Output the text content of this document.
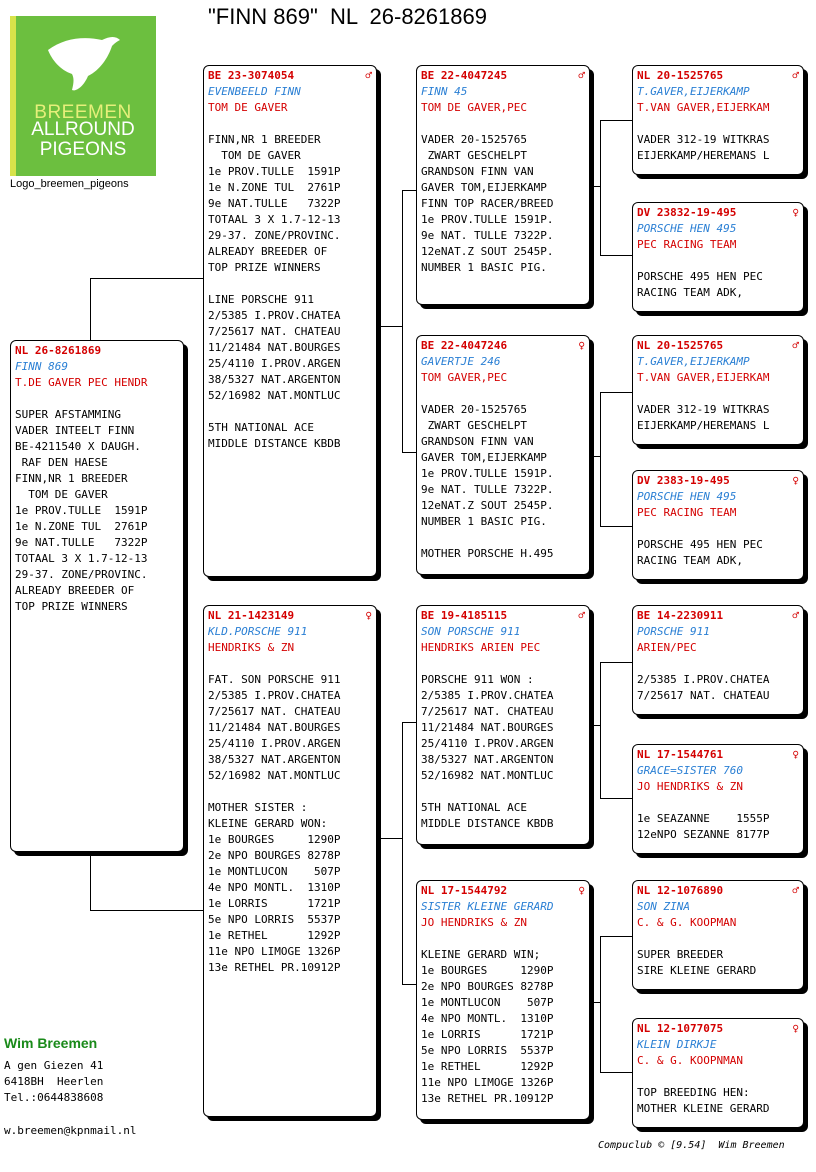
"FINN 869"  NL  26-8261869
BREEMEN
ALLROUND
PIGEONS
Logo_breemen_pigeons
NL 26-8261869
FINN 869
T.DE GAVER PEC HENDR
SUPER AFSTAMMING
VADER INTEELT FINN
BE-4211540 X DAUGH.
RAF DEN HAESE
FINN,NR 1 BREEDER
TOM DE GAVER
1e PROV.TULLE  1591P
1e N.ZONE TUL  2761P
9e NAT.TULLE   7322P
TOTAAL 3 X 1.7-12-13
29-37. ZONE/PROVINC.
ALREADY BREEDER OF
TOP PRIZE WINNERS
BE 23-3074054	♂
EVENBEELD FINN
TOM DE GAVER
FINN,NR 1 BREEDER
TOM DE GAVER
1e PROV.TULLE  1591P
1e N.ZONE TUL  2761P
9e NAT.TULLE   7322P
TOTAAL 3 X 1.7-12-13
29-37. ZONE/PROVINC.
ALREADY BREEDER OF
TOP PRIZE WINNERS

LINE PORSCHE 911
2/5385 I.PROV.CHATEA
7/25617 NAT. CHATEAU
11/21484 NAT.BOURGES
25/4110 I.PROV.ARGEN
38/5327 NAT.ARGENTON
52/16982 NAT.MONTLUC

5TH NATIONAL ACE
MIDDLE DISTANCE KBDB
NL 21-1423149	♀
KLD.PORSCHE 911
HENDRIKS & ZN
FAT. SON PORSCHE 911
2/5385 I.PROV.CHATEA
7/25617 NAT. CHATEAU
11/21484 NAT.BOURGES
25/4110 I.PROV.ARGEN
38/5327 NAT.ARGENTON
52/16982 NAT.MONTLUC

MOTHER SISTER :
KLEINE GERARD WON:
1e BOURGES     1290P
2e NPO BOURGES 8278P
1e MONTLUCON    507P
4e NPO MONTL.  1310P
1e LORRIS      1721P
5e NPO LORRIS  5537P
1e RETHEL      1292P
11e NPO LIMOGE 1326P
13e RETHEL PR.10912P
BE 22-4047245	♂
FINN 45
TOM DE GAVER,PEC
VADER 20-1525765
ZWART GESCHELPT
GRANDSON FINN VAN
GAVER TOM,EIJERKAMP
FINN TOP RACER/BREED
1e PROV.TULLE 1591P.
9e NAT. TULLE 7322P.
12eNAT.Z SOUT 2545P.
NUMBER 1 BASIC PIG.
BE 22-4047246	♀
GAVERTJE 246
TOM GAVER,PEC
VADER 20-1525765
ZWART GESCHELPT
GRANDSON FINN VAN
GAVER TOM,EIJERKAMP
1e PROV.TULLE 1591P.
9e NAT. TULLE 7322P.
12eNAT.Z SOUT 2545P.
NUMBER 1 BASIC PIG.

MOTHER PORSCHE H.495
BE 19-4185115	♂
SON PORSCHE 911
HENDRIKS ARIEN PEC
PORSCHE 911 WON :
2/5385 I.PROV.CHATEA
7/25617 NAT. CHATEAU
11/21484 NAT.BOURGES
25/4110 I.PROV.ARGEN
38/5327 NAT.ARGENTON
52/16982 NAT.MONTLUC

5TH NATIONAL ACE
MIDDLE DISTANCE KBDB
NL 17-1544792	♀
SISTER KLEINE GERARD
JO HENDRIKS & ZN
KLEINE GERARD WIN;
1e BOURGES     1290P
2e NPO BOURGES 8278P
1e MONTLUCON    507P
4e NPO MONTL.  1310P
1e LORRIS      1721P
5e NPO LORRIS  5537P
1e RETHEL      1292P
11e NPO LIMOGE 1326P
13e RETHEL PR.10912P
NL 20-1525765	♂
T.GAVER,EIJERKAMP
T.VAN GAVER,EIJERKAM
VADER 312-19 WITKRAS
EIJERKAMP/HEREMANS L
DV 23832-19-495	♀
PORSCHE HEN 495
PEC RACING TEAM
PORSCHE 495 HEN PEC
RACING TEAM ADK,
NL 20-1525765	♂
T.GAVER,EIJERKAMP
T.VAN GAVER,EIJERKAM
VADER 312-19 WITKRAS
EIJERKAMP/HEREMANS L
DV 2383-19-495	♀
PORSCHE HEN 495
PEC RACING TEAM
PORSCHE 495 HEN PEC
RACING TEAM ADK,
BE 14-2230911	♂
PORSCHE 911
ARIEN/PEC
2/5385 I.PROV.CHATEA
7/25617 NAT. CHATEAU
NL 17-1544761	♀
GRACE=SISTER 760
JO HENDRIKS & ZN
1e SEAZANNE    1555P
12eNPO SEZANNE 8177P
NL 12-1076890	♂
SON ZINA
C. & G. KOOPMAN
SUPER BREEDER
SIRE KLEINE GERARD
NL 12-1077075	♀
KLEIN DIRKJE
C. & G. KOOPNMAN
TOP BREEDING HEN:
MOTHER KLEINE GERARD
Wim Breemen
A gen Giezen 41
6418BH  Heerlen
Tel.:0644838608
w.breemen@kpnmail.nl
Compuclub © [9.54]  Wim Breemen
